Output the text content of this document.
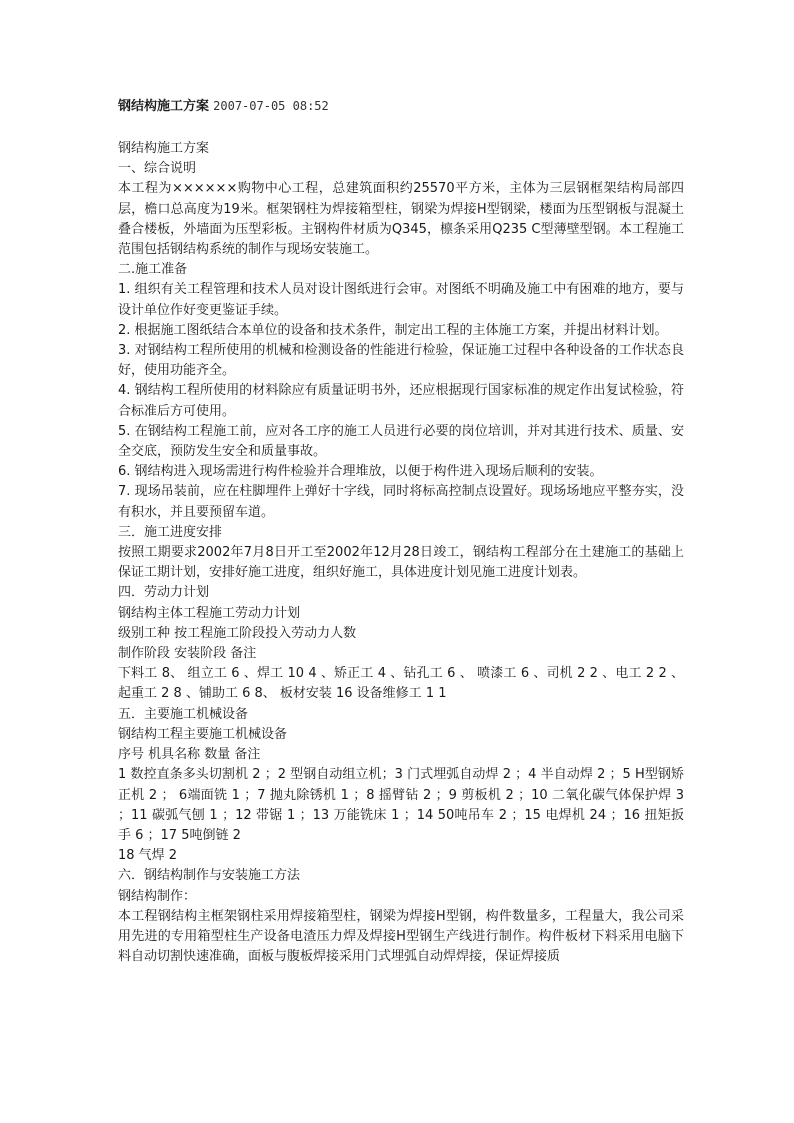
钢结构施工方案 2007-07-05 08:52

钢结构施工方案

一、综合说明

本工程为××××××购物中心工程，总建筑面积约25570平方米，主体为三层钢框架结构局部四层，檐口总高度为19米。框架钢柱为焊接箱型柱，钢梁为焊接H型钢梁，楼面为压型钢板与混凝土叠合楼板，外墙面为压型彩板。主钢构件材质为Q345，檩条采用Q235 C型薄壁型钢。本工程施工范围包括钢结构系统的制作与现场安装施工。

二.施工准备

1. 组织有关工程管理和技术人员对设计图纸进行会审。对图纸不明确及施工中有困难的地方，要与设计单位作好变更鉴证手续。

2. 根据施工图纸结合本单位的设备和技术条件，制定出工程的主体施工方案，并提出材料计划。

3. 对钢结构工程所使用的机械和检测设备的性能进行检验，保证施工过程中各种设备的工作状态良好，使用功能齐全。

4. 钢结构工程所使用的材料除应有质量证明书外，还应根据现行国家标准的规定作出复试检验，符合标准后方可使用。

5. 在钢结构工程施工前，应对各工序的施工人员进行必要的岗位培训，并对其进行技术、质量、安全交底，预防发生安全和质量事故。

6. 钢结构进入现场需进行构件检验并合理堆放，以便于构件进入现场后顺利的安装。

7. 现场吊装前，应在柱脚埋件上弹好十字线，同时将标高控制点设置好。现场场地应平整夯实，没有积水，并且要预留车道。

三．施工进度安排

按照工期要求2002年7月8日开工至2002年12月28日竣工，钢结构工程部分在土建施工的基础上保证工期计划，安排好施工进度，组织好施工，具体进度计划见施工进度计划表。

四．劳动力计划

钢结构主体工程施工劳动力计划

级别工种 按工程施工阶段投入劳动力人数

制作阶段 安装阶段 备注

下料工 8、 组立工 6 、焊工 10 4 、矫正工 4 、钻孔工 6 、 喷漆工 6 、司机 2 2 、电工 2 2 、起重工 2 8 、铺助工 6 8、 板材安装 16 设备维修工 1 1

五．主要施工机械设备

钢结构工程主要施工机械设备

序号 机具名称 数量 备注

1 数控直条多头切割机 2 ；2 型钢自动组立机；3 门式埋弧自动焊 2 ；4 半自动焊 2 ；5 H型钢矫正机 2 ； 6端面铣 1 ；7 抛丸除锈机 1 ；8 摇臂钻 2 ；9 剪板机 2 ；10 二氧化碳气体保护焊 3 ；11 碳弧气刨 1 ；12 带锯 1 ；13 万能铣床 1 ；14 50吨吊车 2 ；15 电焊机 24 ；16 扭矩扳手 6 ；17 5吨倒链 2

18 气焊 2

六．钢结构制作与安装施工方法

钢结构制作：

本工程钢结构主框架钢柱采用焊接箱型柱，钢梁为焊接H型钢，构件数量多，工程量大，我公司采用先进的专用箱型柱生产设备电渣压力焊及焊接H型钢生产线进行制作。构件板材下料采用电脑下料自动切割快速准确，面板与腹板焊接采用门式埋弧自动焊焊接，保证焊接质
